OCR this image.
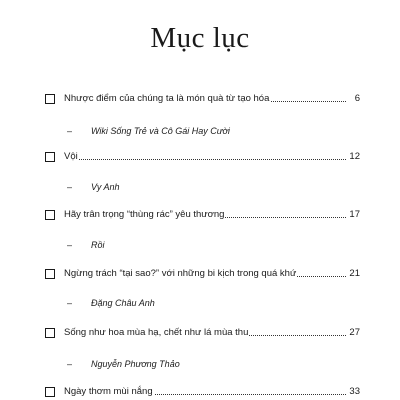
Mục lục
Nhược điểm của chúng ta là món quà từ tạo hóa	6
– Wiki Sống Trẻ và Cô Gái Hay Cười
Vội	12
– Vy Anh
Hãy trân trọng “thùng rác” yêu thương	17
– Rồi
Ngừng trách “tại sao?” với những bi kịch trong quá khứ	21
– Đặng Châu Anh
Sống như hoa mùa hạ, chết như lá mùa thu	27
– Nguyễn Phương Thảo
Ngày thơm mùi nắng	33
